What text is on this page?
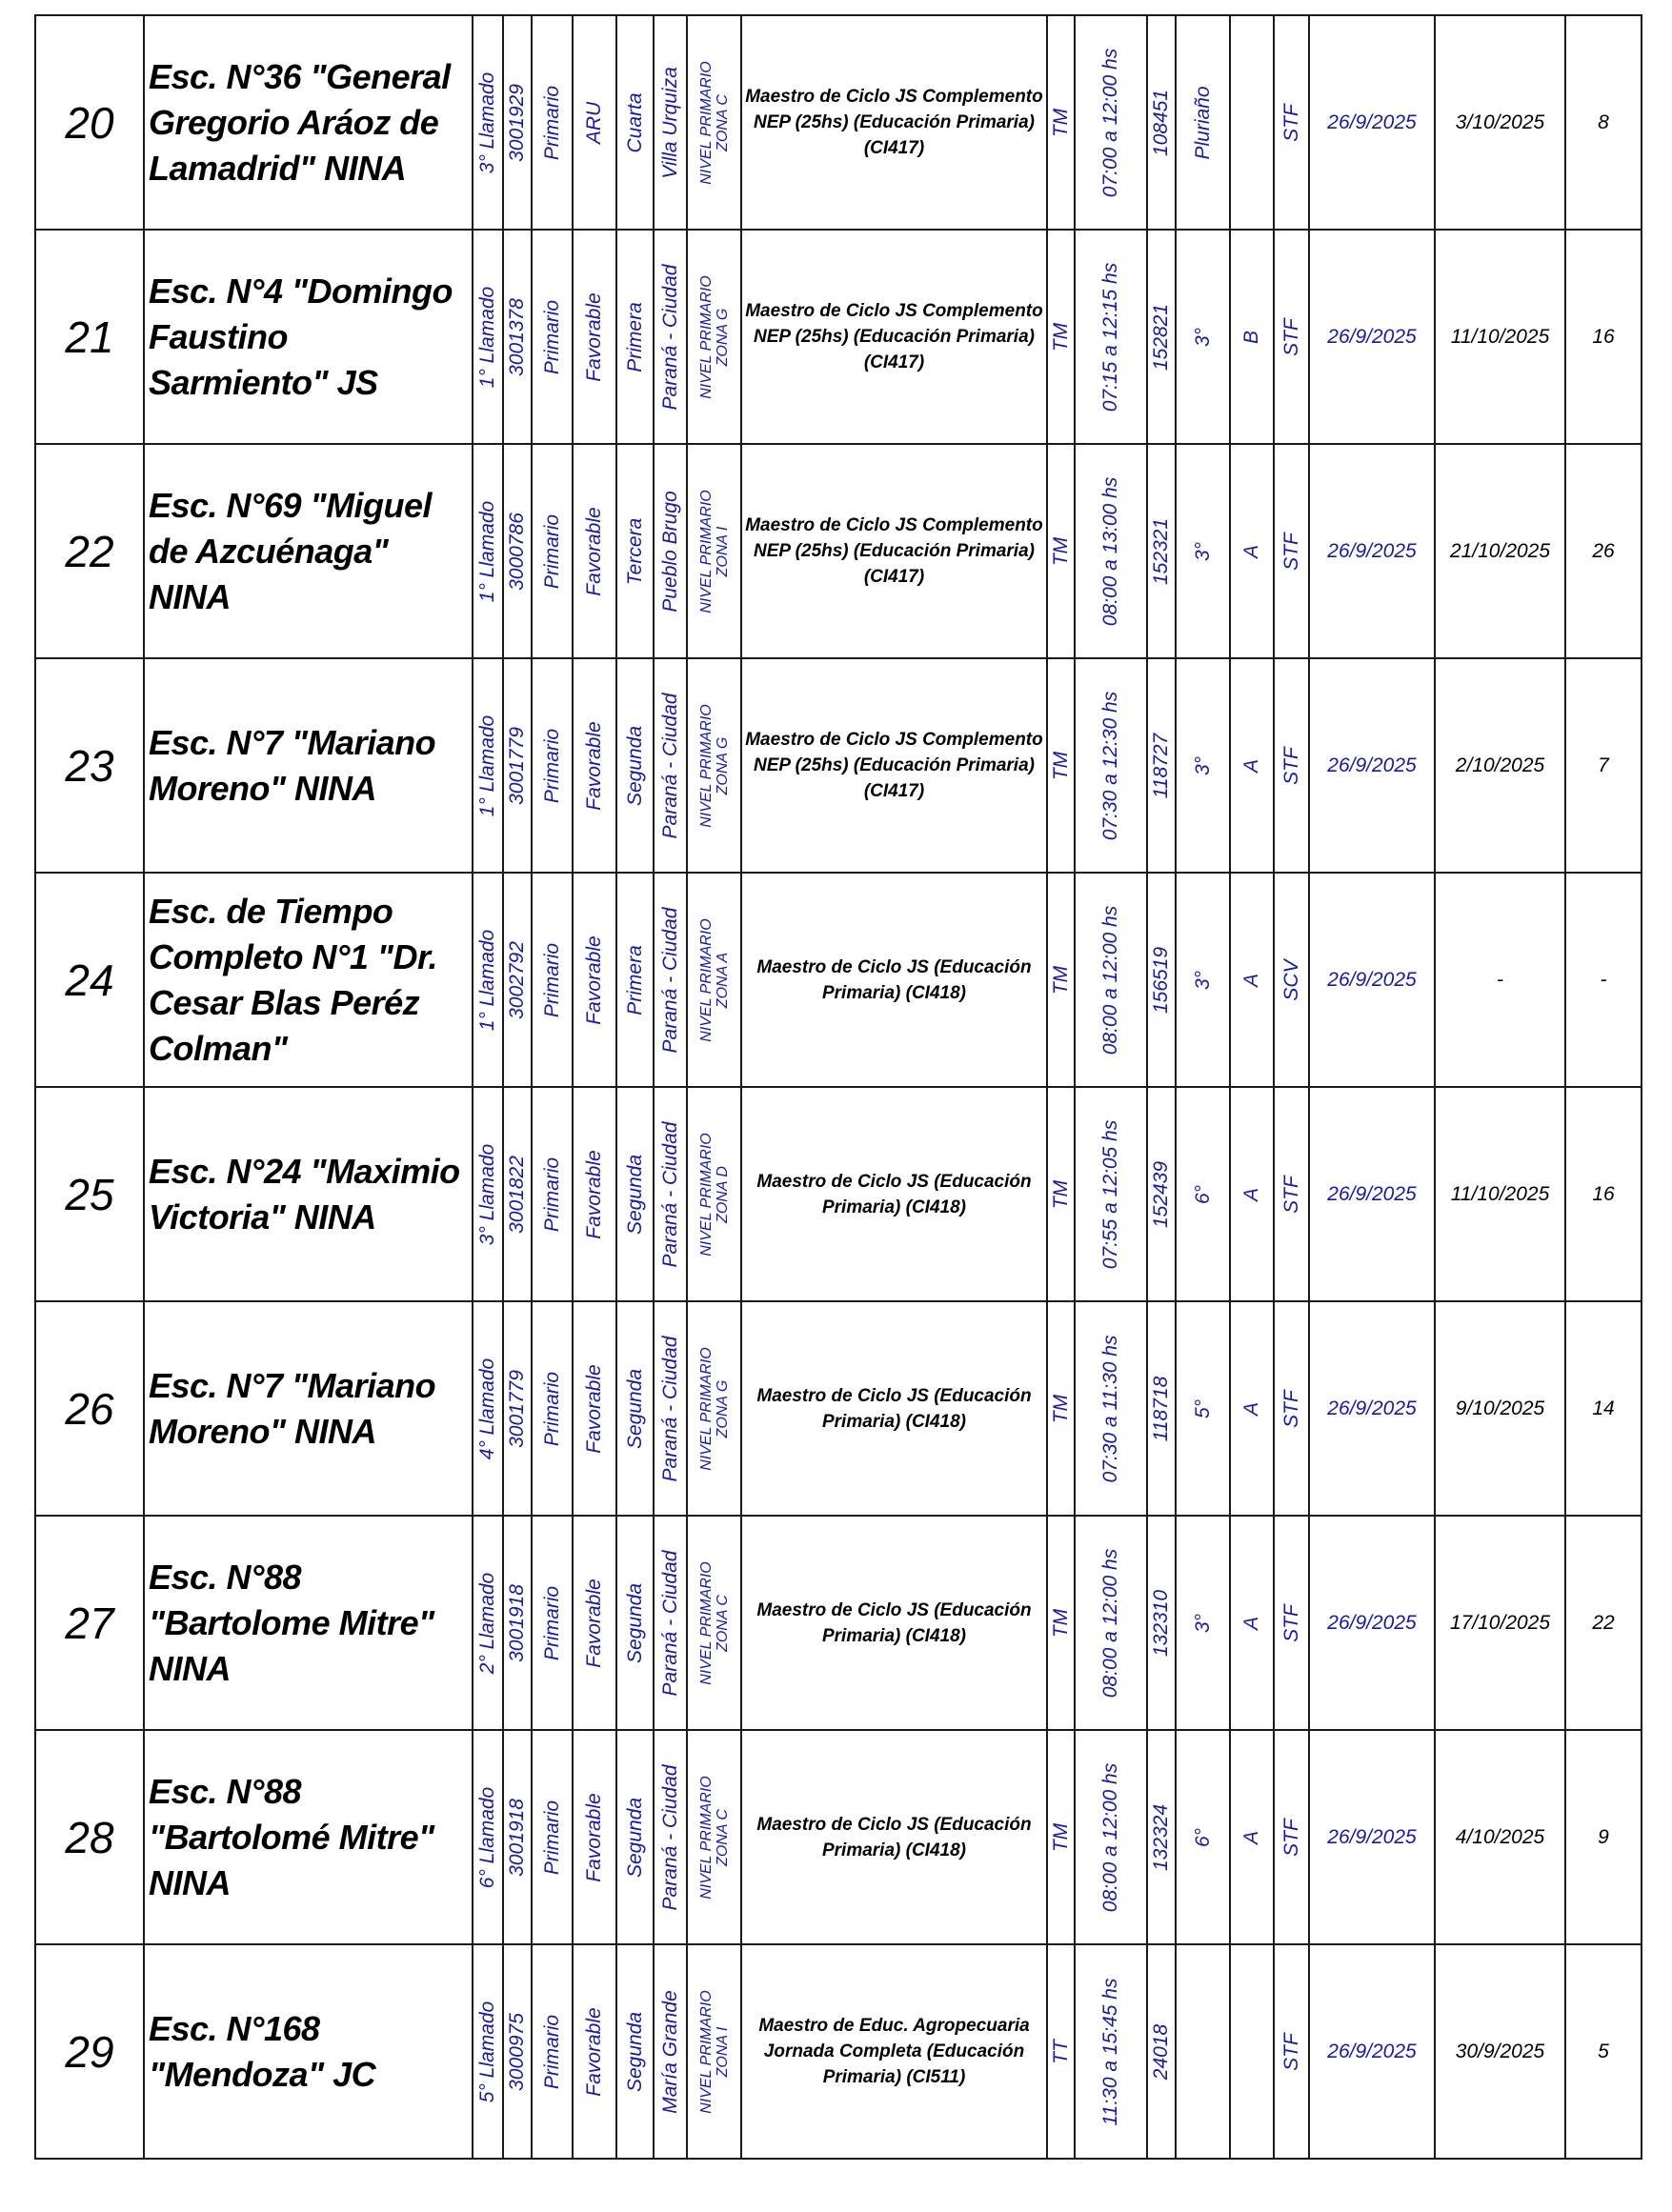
20	Esc. N°36 "General Gregorio Aráoz de Lamadrid" NINA	3° Llamado	3001929	Primario	ARU	Cuarta	Villa Urquiza	NIVEL PRIMARIO ZONA C	Maestro de Ciclo JS Complemento NEP (25hs) (Educación Primaria) (CI417)	TM	07:00 a 12:00 hs	108451	Pluriaño		STF	26/9/2025	3/10/2025	8
21	Esc. N°4 "Domingo Faustino Sarmiento" JS	1° Llamado	3001378	Primario	Favorable	Primera	Paraná - Ciudad	NIVEL PRIMARIO ZONA G	Maestro de Ciclo JS Complemento NEP (25hs) (Educación Primaria) (CI417)	TM	07:15 a 12:15 hs	152821	3°	B	STF	26/9/2025	11/10/2025	16
22	Esc. N°69 "Miguel de Azcuénaga" NINA	1° Llamado	3000786	Primario	Favorable	Tercera	Pueblo Brugo	NIVEL PRIMARIO ZONA I	Maestro de Ciclo JS Complemento NEP (25hs) (Educación Primaria) (CI417)	TM	08:00 a 13:00 hs	152321	3°	A	STF	26/9/2025	21/10/2025	26
23	Esc. N°7 "Mariano Moreno" NINA	1° Llamado	3001779	Primario	Favorable	Segunda	Paraná - Ciudad	NIVEL PRIMARIO ZONA G	Maestro de Ciclo JS Complemento NEP (25hs) (Educación Primaria) (CI417)	TM	07:30 a 12:30 hs	118727	3°	A	STF	26/9/2025	2/10/2025	7
24	Esc. de Tiempo Completo N°1 "Dr. Cesar Blas Peréz Colman"	1° Llamado	3002792	Primario	Favorable	Primera	Paraná - Ciudad	NIVEL PRIMARIO ZONA A	Maestro de Ciclo JS (Educación Primaria) (CI418)	TM	08:00 a 12:00 hs	156519	3°	A	SCV	26/9/2025	-	-
25	Esc. N°24 "Maximio Victoria" NINA	3° Llamado	3001822	Primario	Favorable	Segunda	Paraná - Ciudad	NIVEL PRIMARIO ZONA D	Maestro de Ciclo JS (Educación Primaria) (CI418)	TM	07:55 a 12:05 hs	152439	6°	A	STF	26/9/2025	11/10/2025	16
26	Esc. N°7 "Mariano Moreno" NINA	4° Llamado	3001779	Primario	Favorable	Segunda	Paraná - Ciudad	NIVEL PRIMARIO ZONA G	Maestro de Ciclo JS (Educación Primaria) (CI418)	TM	07:30 a 11:30 hs	118718	5°	A	STF	26/9/2025	9/10/2025	14
27	Esc. N°88 "Bartolome Mitre" NINA	2° Llamado	3001918	Primario	Favorable	Segunda	Paraná - Ciudad	NIVEL PRIMARIO ZONA C	Maestro de Ciclo JS (Educación Primaria) (CI418)	TM	08:00 a 12:00 hs	132310	3°	A	STF	26/9/2025	17/10/2025	22
28	Esc. N°88 "Bartolomé Mitre" NINA	6° Llamado	3001918	Primario	Favorable	Segunda	Paraná - Ciudad	NIVEL PRIMARIO ZONA C	Maestro de Ciclo JS (Educación Primaria) (CI418)	TM	08:00 a 12:00 hs	132324	6°	A	STF	26/9/2025	4/10/2025	9
29	Esc. N°168 "Mendoza" JC	5° Llamado	3000975	Primario	Favorable	Segunda	María Grande	NIVEL PRIMARIO ZONA I	Maestro de Educ. Agropecuaria Jornada Completa (Educación Primaria) (CI511)	TT	11:30 a 15:45 hs	24018			STF	26/9/2025	30/9/2025	5
